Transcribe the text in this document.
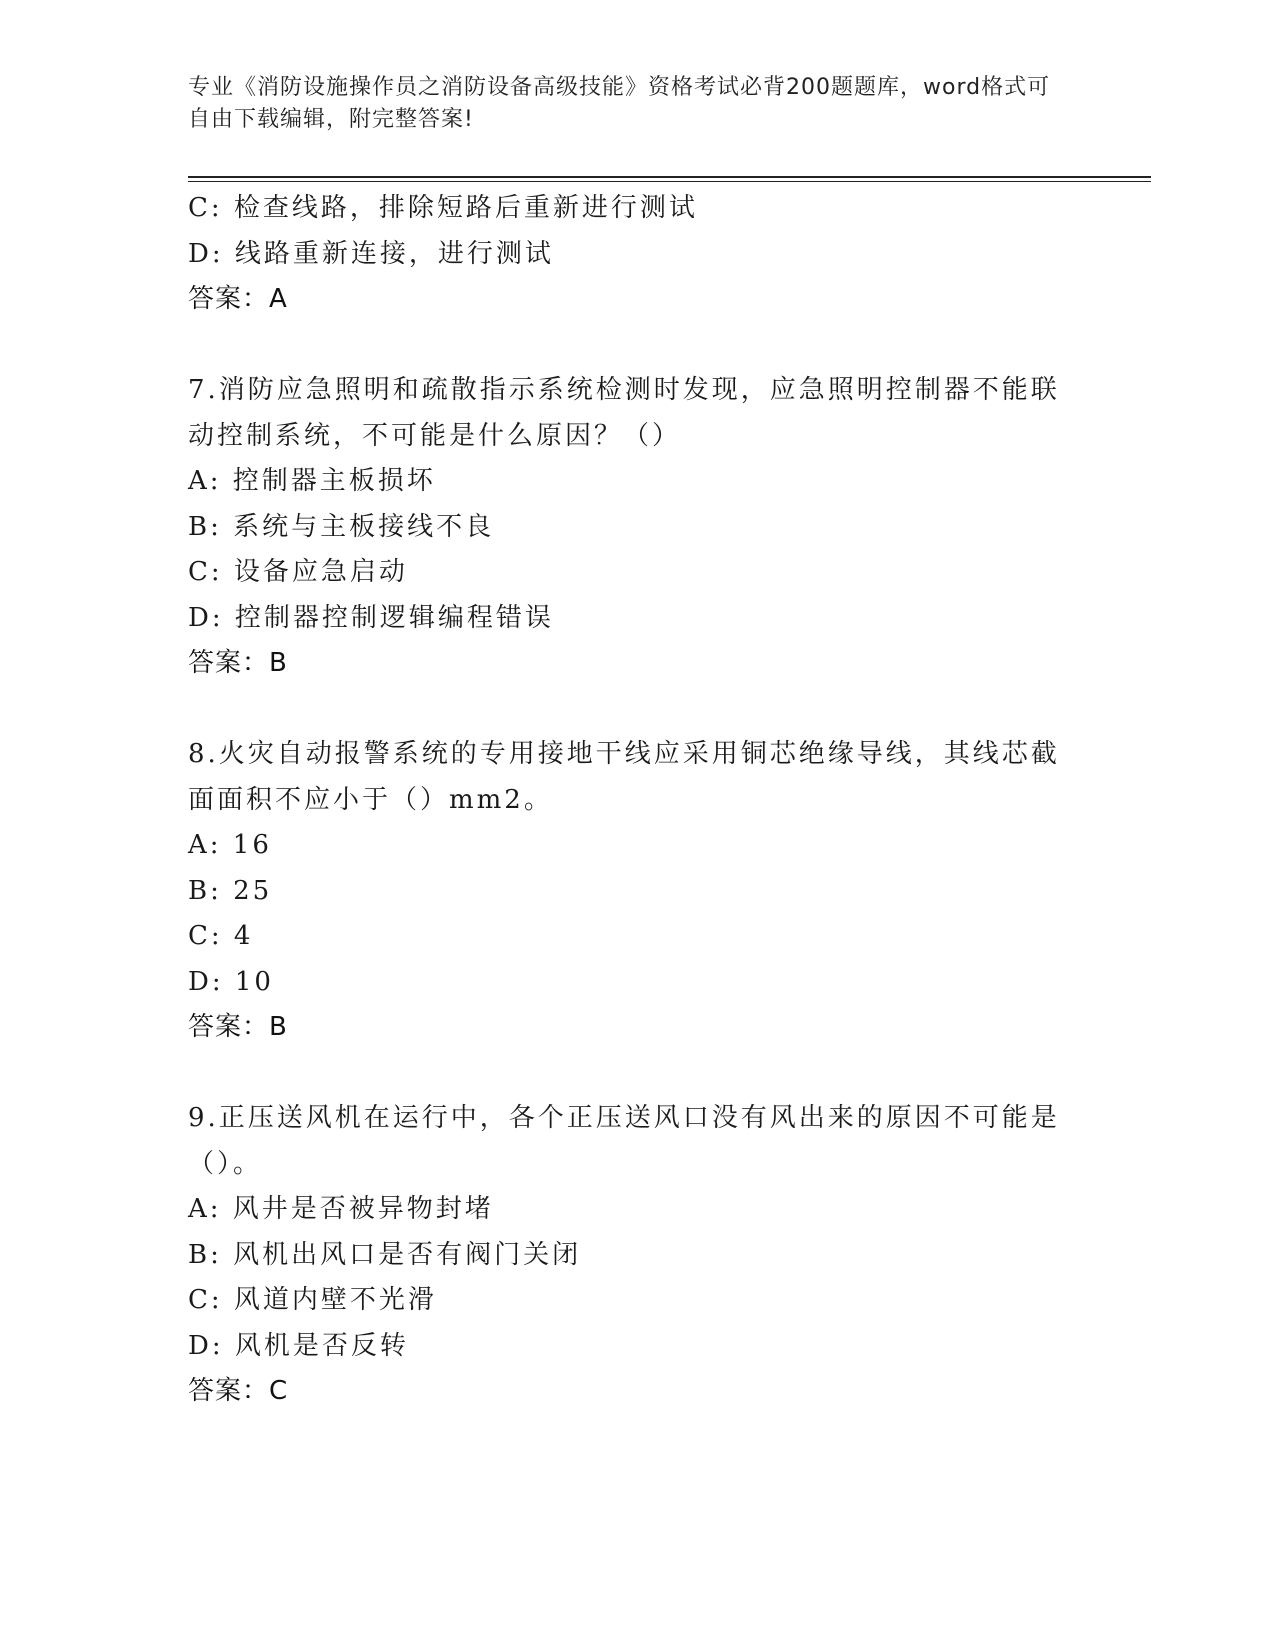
专业《消防设施操作员之消防设备高级技能》资格考试必背200题题库，word格式可自由下载编辑，附完整答案!
C: 检查线路，排除短路后重新进行测试
D: 线路重新连接，进行测试
答案：A
7.消防应急照明和疏散指示系统检测时发现，应急照明控制器不能联动控制系统，不可能是什么原因？（）
A: 控制器主板损坏
B: 系统与主板接线不良
C: 设备应急启动
D: 控制器控制逻辑编程错误
答案：B
8.火灾自动报警系统的专用接地干线应采用铜芯绝缘导线，其线芯截面面积不应小于（）mm2。
A: 16
B: 25
C: 4
D: 10
答案：B
9.正压送风机在运行中，各个正压送风口没有风出来的原因不可能是（）。
A: 风井是否被异物封堵
B: 风机出风口是否有阀门关闭
C: 风道内壁不光滑
D: 风机是否反转
答案：C
